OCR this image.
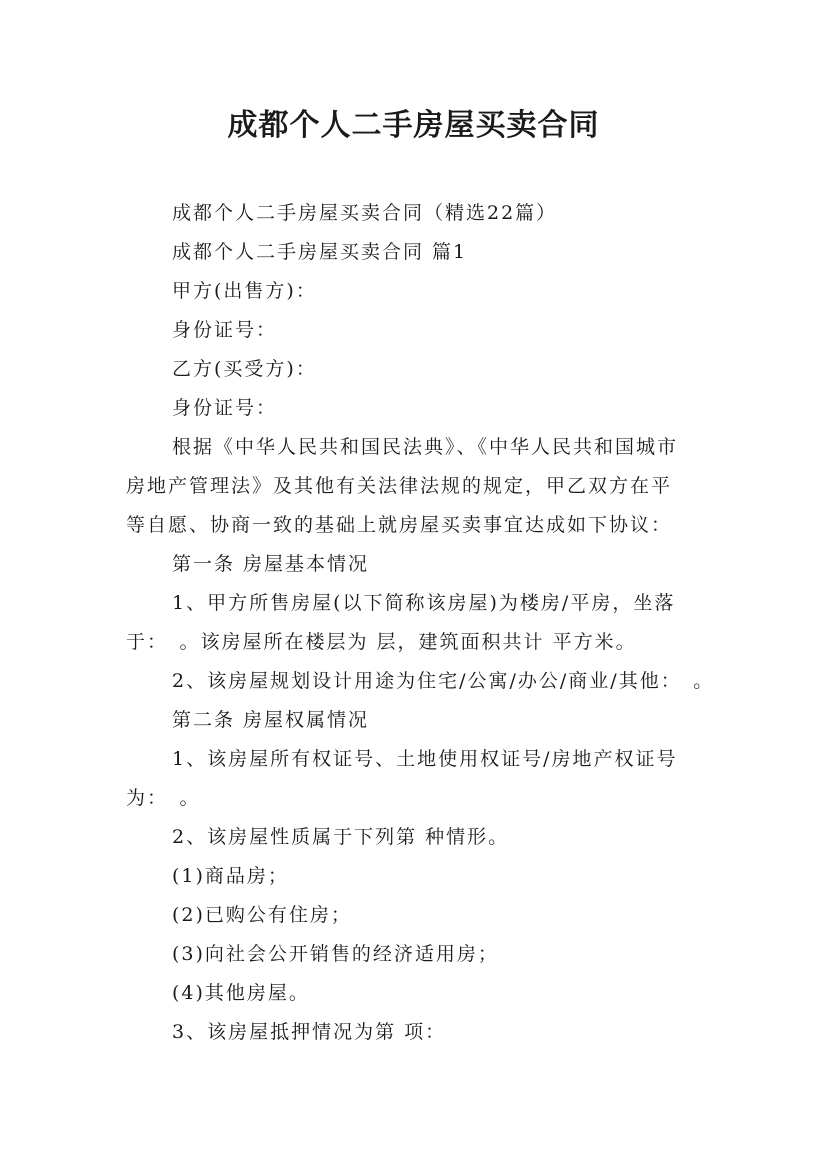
成都个人二手房屋买卖合同

成都个人二手房屋买卖合同（精选22篇）

成都个人二手房屋买卖合同 篇1

甲方(出售方)：

身份证号：

乙方(买受方)：

身份证号：

根据《中华人民共和国民法典》、《中华人民共和国城市

房地产管理法》及其他有关法律法规的规定，甲乙双方在平

等自愿、协商一致的基础上就房屋买卖事宜达成如下协议：

第一条 房屋基本情况

1、甲方所售房屋(以下简称该房屋)为楼房/平房，坐落

于：　。该房屋所在楼层为 层，建筑面积共计 平方米。

2、该房屋规划设计用途为住宅/公寓/办公/商业/其他：　。

第二条 房屋权属情况

1、该房屋所有权证号、土地使用权证号/房地产权证号

为：　。

2、该房屋性质属于下列第 种情形。

(1)商品房；

(2)已购公有住房；

(3)向社会公开销售的经济适用房；

(4)其他房屋。

3、该房屋抵押情况为第 项：
